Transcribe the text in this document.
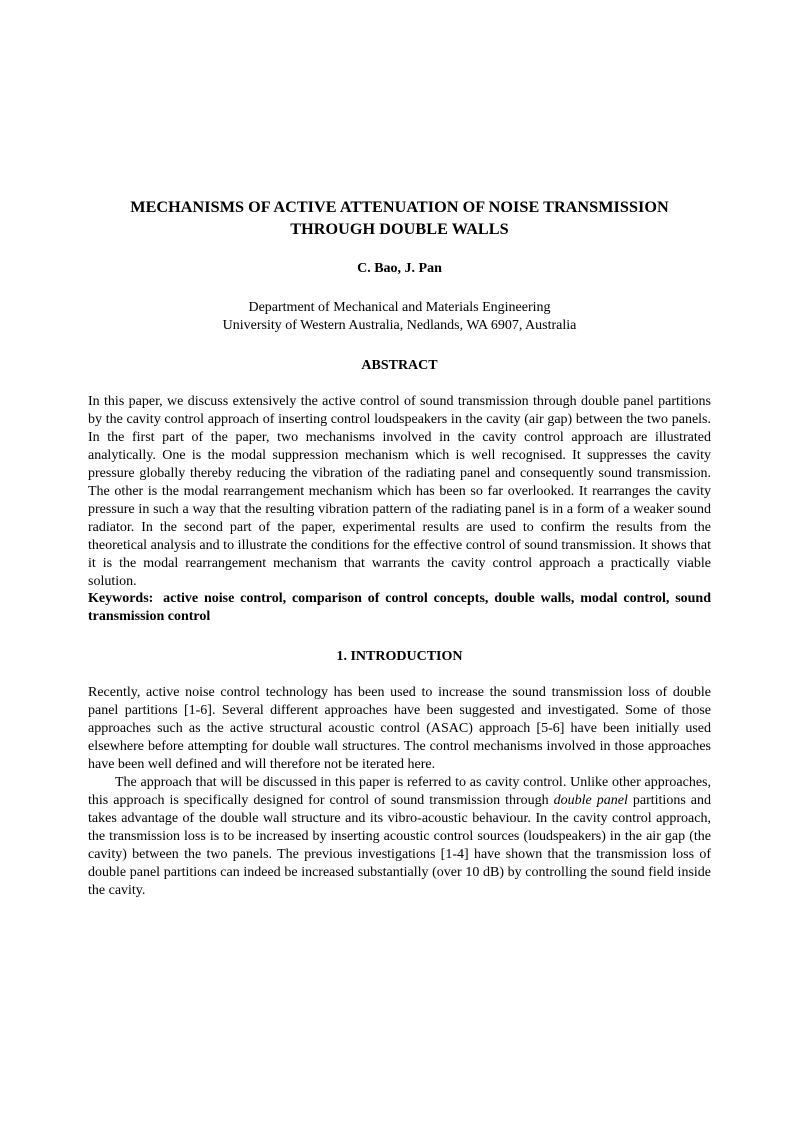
MECHANISMS OF ACTIVE ATTENUATION OF NOISE TRANSMISSION THROUGH DOUBLE WALLS

C. Bao, J. Pan

Department of Mechanical and Materials Engineering
University of Western Australia, Nedlands, WA 6907, Australia

ABSTRACT

In this paper, we discuss extensively the active control of sound transmission through double panel partitions by the cavity control approach of inserting control loudspeakers in the cavity (air gap) between the two panels. In the first part of the paper, two mechanisms involved in the cavity control approach are illustrated analytically. One is the modal suppression mechanism which is well recognised. It suppresses the cavity pressure globally thereby reducing the vibration of the radiating panel and consequently sound transmission. The other is the modal rearrangement mechanism which has been so far overlooked. It rearranges the cavity pressure in such a way that the resulting vibration pattern of the radiating panel is in a form of a weaker sound radiator. In the second part of the paper, experimental results are used to confirm the results from the theoretical analysis and to illustrate the conditions for the effective control of sound transmission. It shows that it is the modal rearrangement mechanism that warrants the cavity control approach a practically viable solution.

Keywords: active noise control, comparison of control concepts, double walls, modal control, sound transmission control

1. INTRODUCTION

Recently, active noise control technology has been used to increase the sound transmission loss of double panel partitions [1-6]. Several different approaches have been suggested and investigated. Some of those approaches such as the active structural acoustic control (ASAC) approach [5-6] have been initially used elsewhere before attempting for double wall structures. The control mechanisms involved in those approaches have been well defined and will therefore not be iterated here.

The approach that will be discussed in this paper is referred to as cavity control. Unlike other approaches, this approach is specifically designed for control of sound transmission through double panel partitions and takes advantage of the double wall structure and its vibro-acoustic behaviour. In the cavity control approach, the transmission loss is to be increased by inserting acoustic control sources (loudspeakers) in the air gap (the cavity) between the two panels. The previous investigations [1-4] have shown that the transmission loss of double panel partitions can indeed be increased substantially (over 10 dB) by controlling the sound field inside the cavity.
